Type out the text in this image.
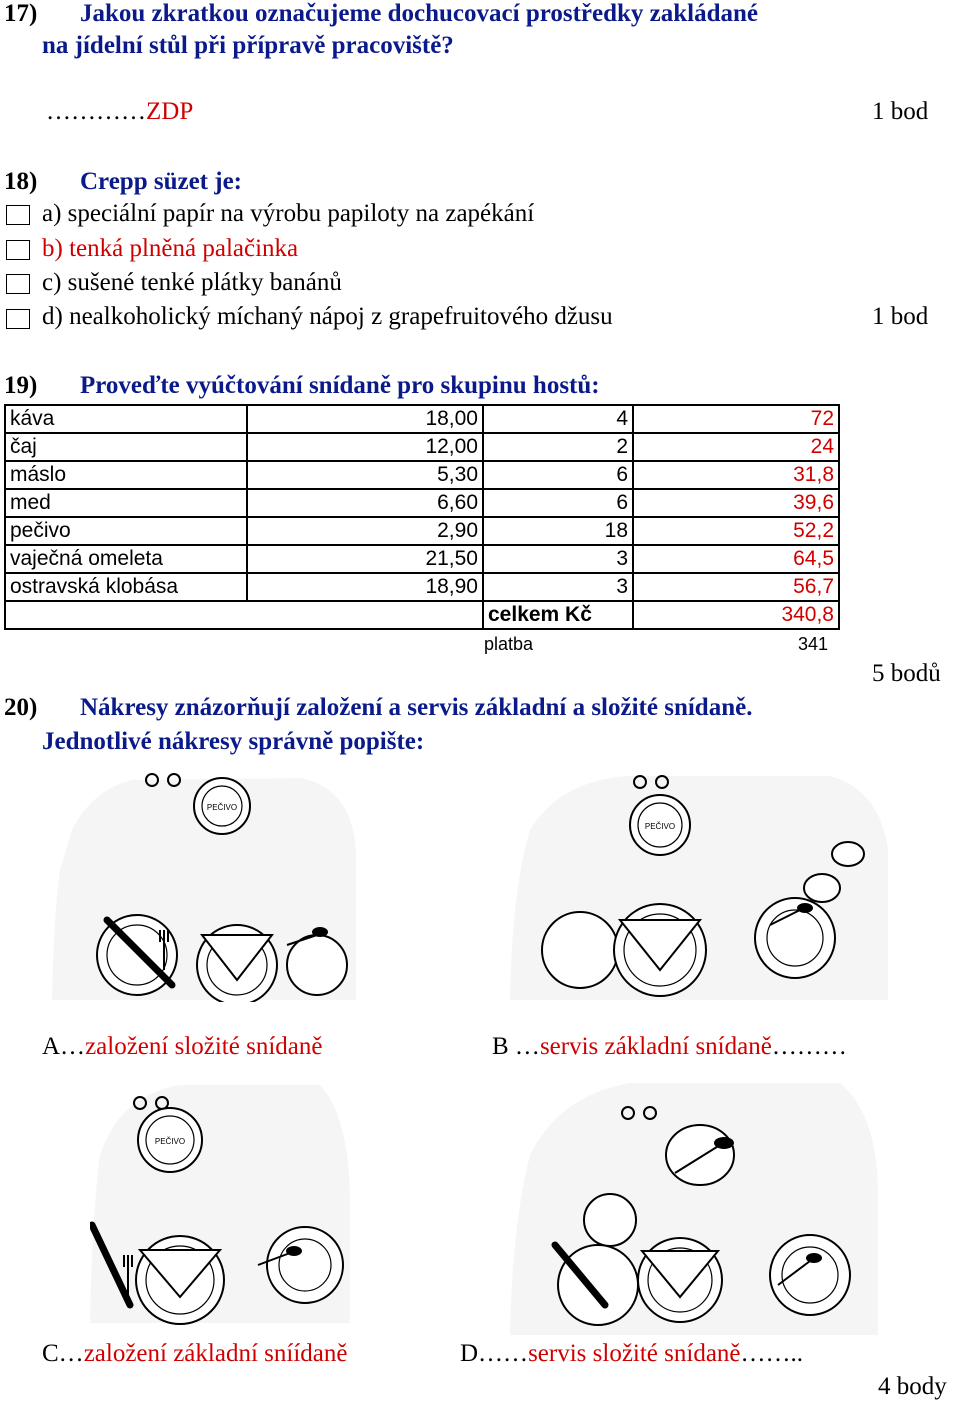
17) Jakou zkratkou označujeme dochucovací prostředky zakládané
na jídelní stůl při přípravě pracoviště?
…………ZDP	1 bod
18) Crepp süzet je:
a) speciální papír na výrobu papiloty na zapékání
b) tenká plněná palačinka
c) sušené tenké plátky banánů
d) nealkoholický míchaný nápoj z grapefruitového džusu	1 bod
19) Proveďte vyúčtování snídaně pro skupinu hostů:
káva	18,00	4	72
čaj	12,00	2	24
máslo	5,30	6	31,8
med	6,60	6	39,6
pečivo	2,90	18	52,2
vaječná omeleta	21,50	3	64,5
ostravská klobása	18,90	3	56,7
		celkem Kč	340,8
platba	341
5 bodů
20) Nákresy znázorňují založení a servis základní a složité snídaně.
Jednotlivé nákresy správně popište:
PEČIVO
PEČIVO
A…založení složité snídaně	B …servis základní snídaně………
PEČIVO
C…založení základní sníídaně	D……servis složité snídaně……..
4 body
